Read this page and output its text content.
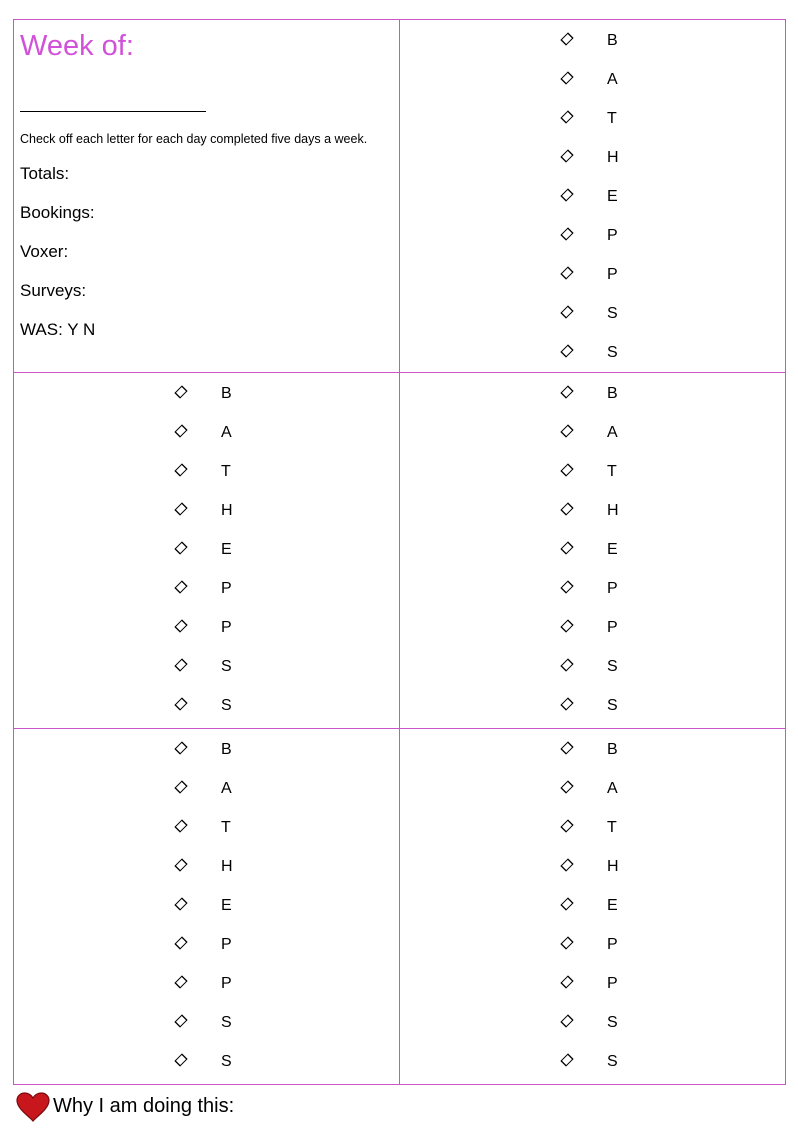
Week of:
Check off each letter for each day completed five days a week.
Totals:
Bookings:
Voxer:
Surveys:
WAS: Y N
B
A
T
H
E
P
P
S
S
B
A
T
H
E
P
P
S
S
B
A
T
H
E
P
P
S
S
B
A
T
H
E
P
P
S
S
B
A
T
H
E
P
P
S
S
Why I am doing this:
